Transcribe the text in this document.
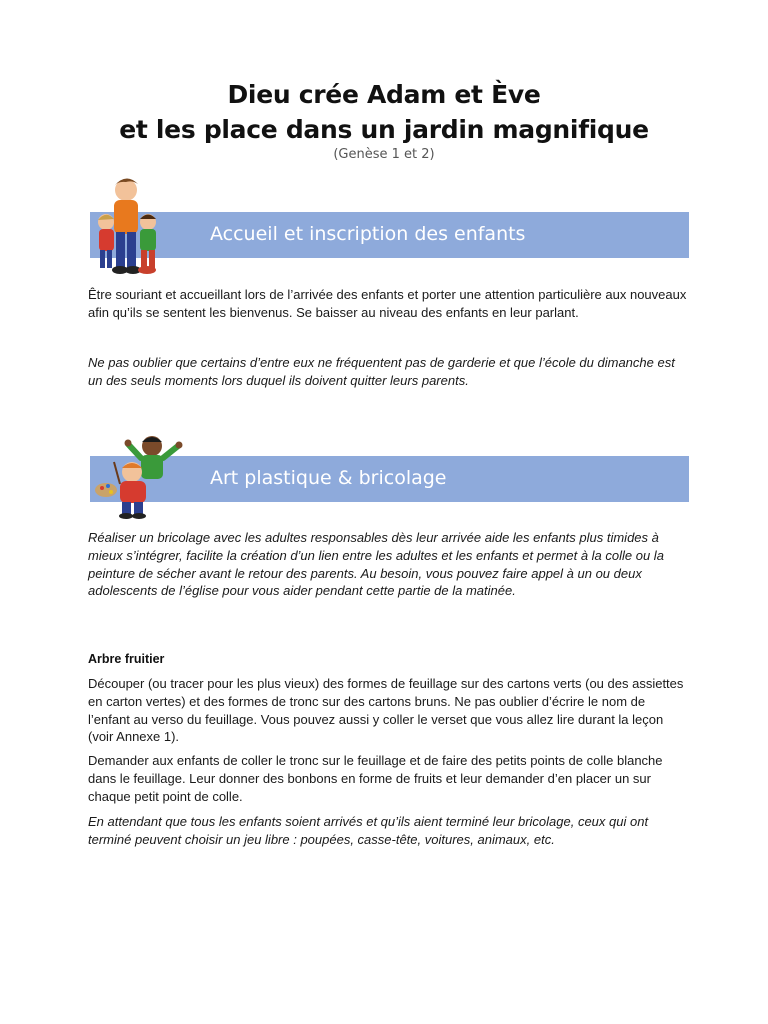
Dieu crée Adam et Ève
et les place dans un jardin magnifique

(Genèse 1 et 2)

Accueil et inscription des enfants

Être souriant et accueillant lors de l’arrivée des enfants et porter une attention particulière aux nouveaux afin qu’ils se sentent les bienvenus. Se baisser au niveau des enfants en leur parlant.

Ne pas oublier que certains d’entre eux ne fréquentent pas de garderie et que l’école du dimanche est un des seuls moments lors duquel ils doivent quitter leurs parents.

Art plastique & bricolage

Réaliser un bricolage avec les adultes responsables dès leur arrivée aide les enfants plus timides à mieux s’intégrer, facilite la création d’un lien entre les adultes et les enfants et permet à la colle ou la peinture de sécher avant le retour des parents. Au besoin, vous pouvez faire appel à un ou deux adolescents de l’église pour vous aider pendant cette partie de la matinée.

Arbre fruitier

Découper (ou tracer pour les plus vieux) des formes de feuillage sur des cartons verts (ou des assiettes en carton vertes) et des formes de tronc sur des cartons bruns. Ne pas oublier d’écrire le nom de l’enfant au verso du feuillage. Vous pouvez aussi y coller le verset que vous allez lire durant la leçon (voir Annexe 1).

Demander aux enfants de coller le tronc sur le feuillage et de faire des petits points de colle blanche dans le feuillage. Leur donner des bonbons en forme de fruits et leur demander d’en placer un sur chaque petit point de colle.

En attendant que tous les enfants soient arrivés et qu’ils aient terminé leur bricolage, ceux qui ont terminé peuvent choisir un jeu libre : poupées, casse-tête, voitures, animaux, etc.
